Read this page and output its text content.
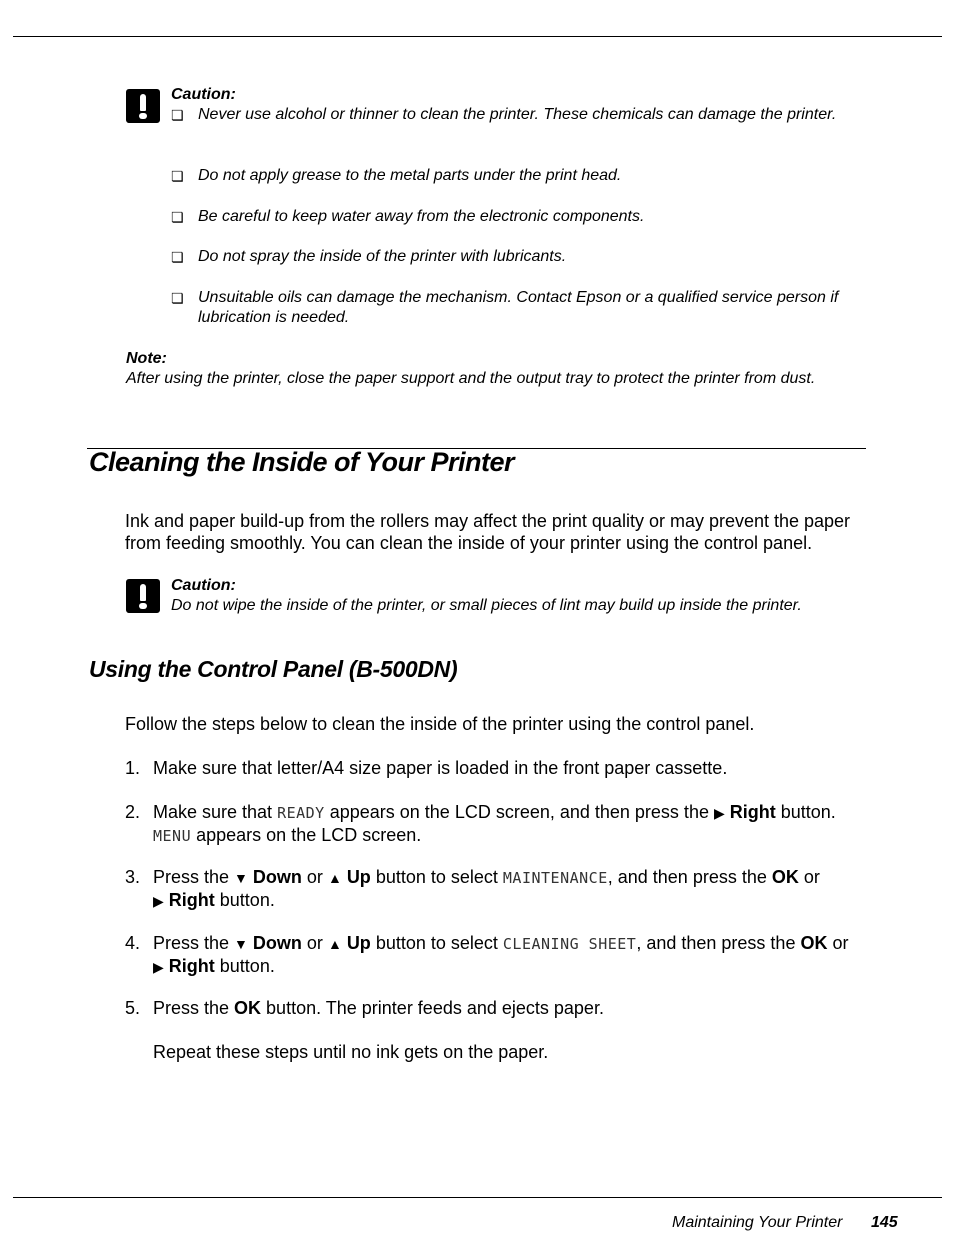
Caution:
❏ Never use alcohol or thinner to clean the printer. These chemicals can damage the printer.
❏ Do not apply grease to the metal parts under the print head.
❏ Be careful to keep water away from the electronic components.
❏ Do not spray the inside of the printer with lubricants.
❏ Unsuitable oils can damage the mechanism. Contact Epson or a qualified service person if lubrication is needed.
Note:
After using the printer, close the paper support and the output tray to protect the printer from dust.
Cleaning the Inside of Your Printer
Ink and paper build-up from the rollers may affect the print quality or may prevent the paper from feeding smoothly. You can clean the inside of your printer using the control panel.
Caution:
Do not wipe the inside of the printer, or small pieces of lint may build up inside the printer.
Using the Control Panel (B-500DN)
Follow the steps below to clean the inside of the printer using the control panel.
1. Make sure that letter/A4 size paper is loaded in the front paper cassette.
2. Make sure that READY appears on the LCD screen, and then press the ▶ Right button.
MENU appears on the LCD screen.
3. Press the ▼ Down or ▲ Up button to select MAINTENANCE, and then press the OK or
▶ Right button.
4. Press the ▼ Down or ▲ Up button to select CLEANING SHEET, and then press the OK or
▶ Right button.
5. Press the OK button. The printer feeds and ejects paper.
Repeat these steps until no ink gets on the paper.
Maintaining Your Printer 145
